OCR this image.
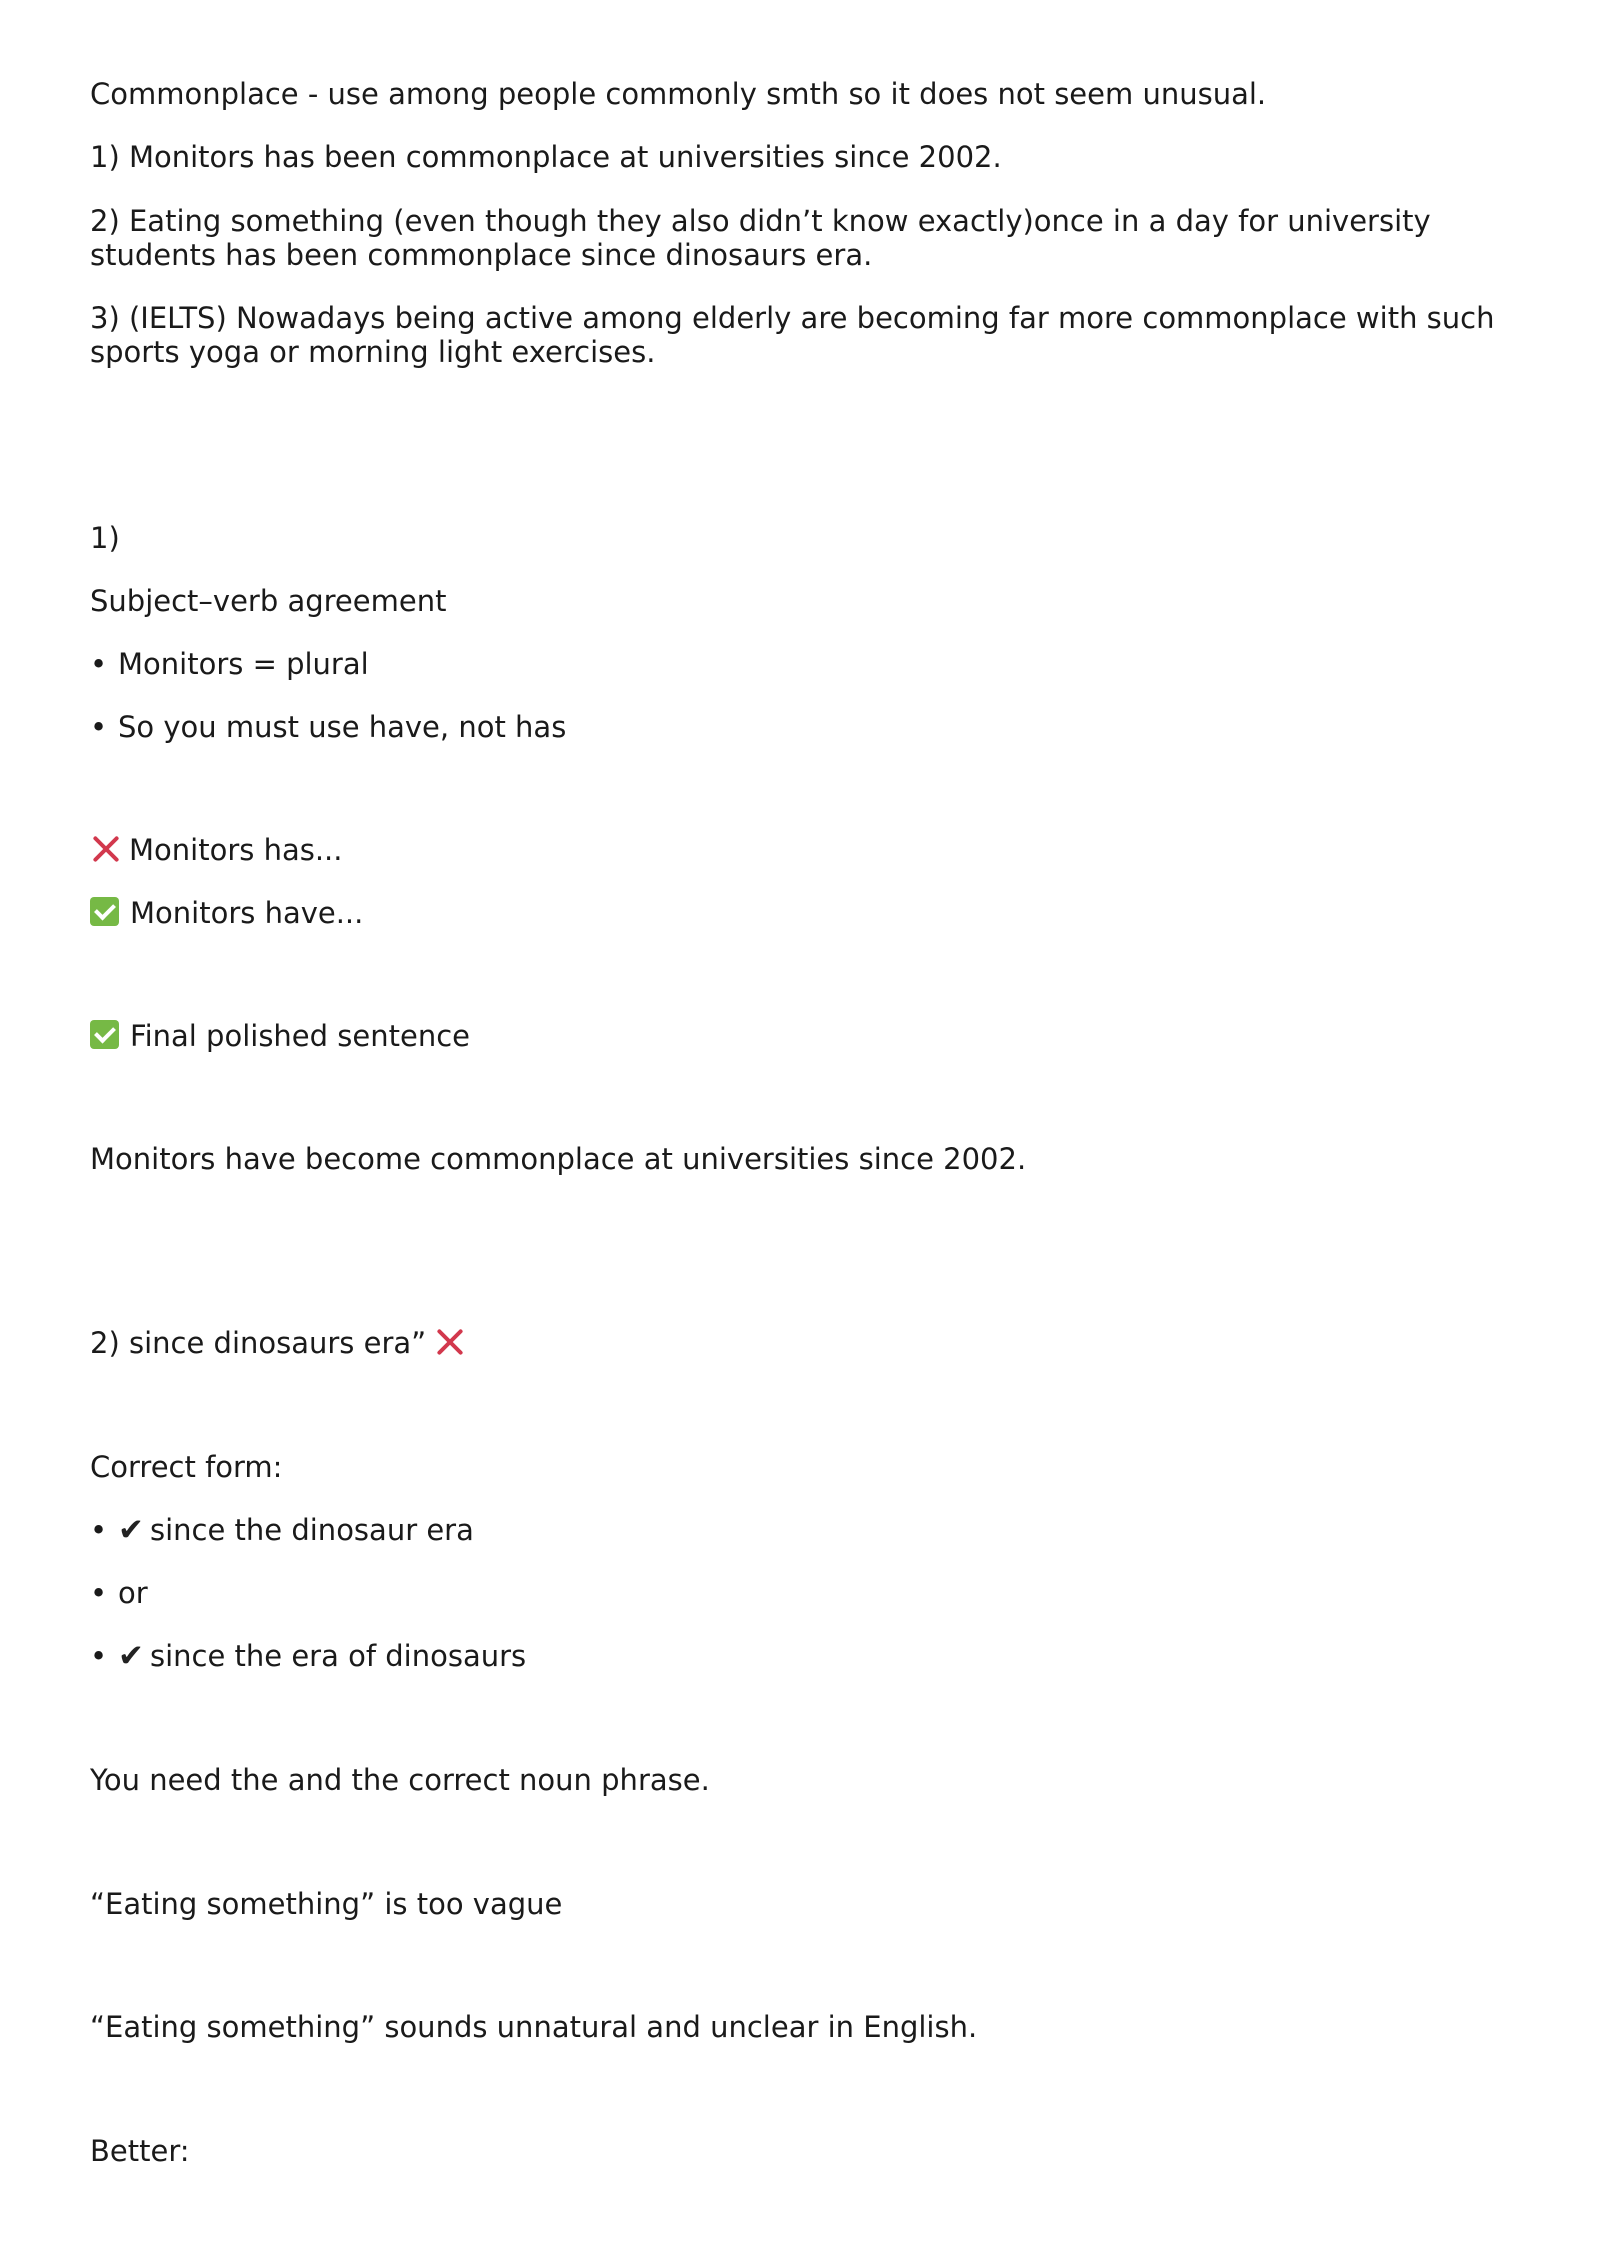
Commonplace - use among people commonly smth so it does not seem unusual.
1) Monitors has been commonplace at universities since 2002.
2) Eating something (even though they also didn’t know exactly)once in a day for university students has been commonplace since dinosaurs era.
3) (IELTS) Nowadays being active among elderly are becoming far more commonplace with such sports yoga or morning light exercises.
1)
Subject–verb agreement
• Monitors = plural
• So you must use have, not has
Monitors has...
Monitors have...
Final polished sentence
Monitors have become commonplace at universities since 2002.
2) since dinosaurs era”
Correct form:
• ✔ since the dinosaur era
• or
• ✔ since the era of dinosaurs
You need the and the correct noun phrase.
“Eating something” is too vague
“Eating something” sounds unnatural and unclear in English.
Better:
